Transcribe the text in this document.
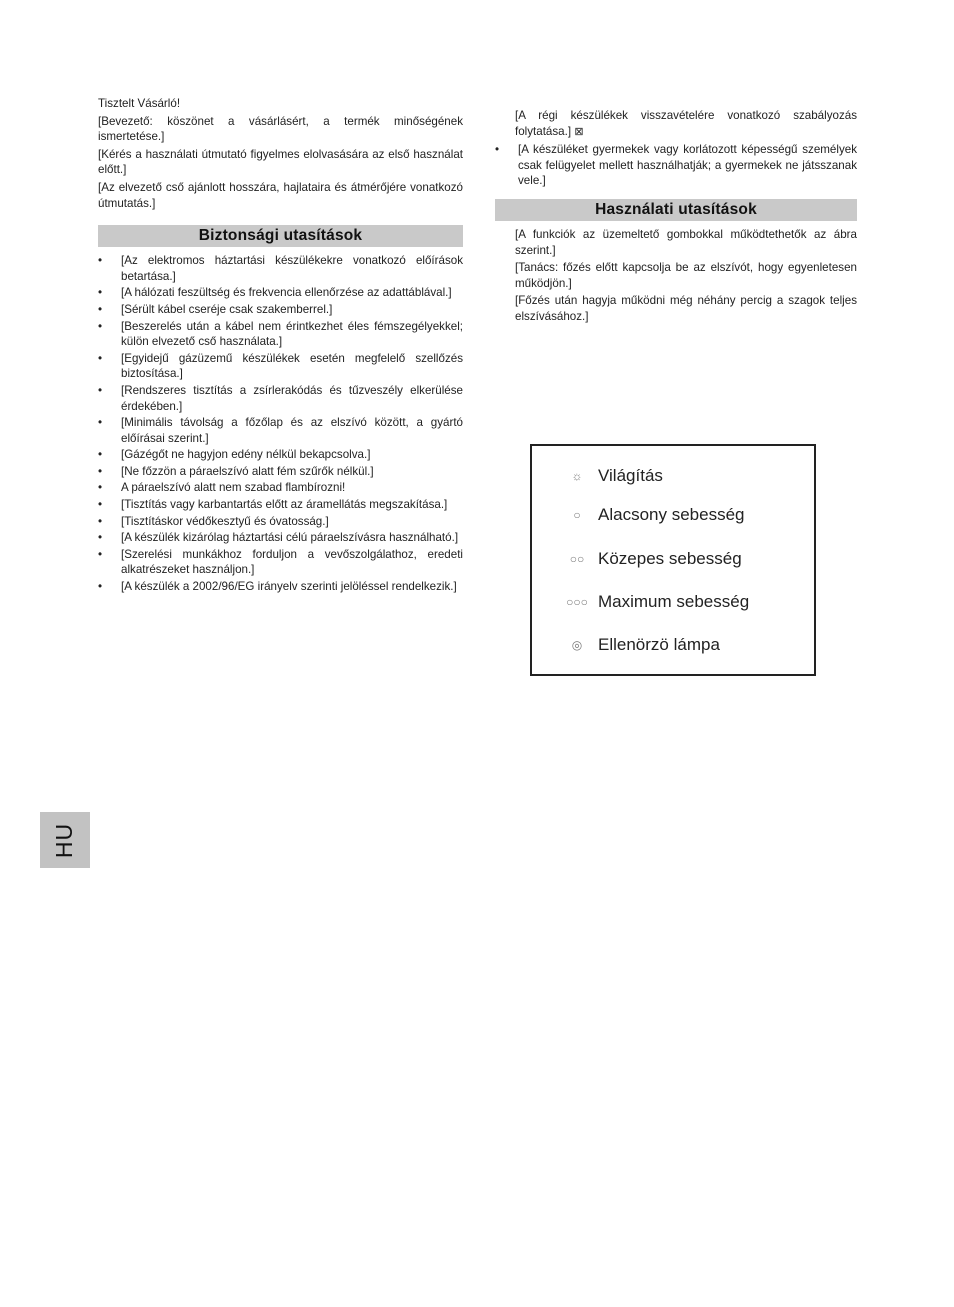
Tisztelt Vásárló!

[Bevezető: köszönet a vásárlásért, a termék minőségének ismertetése.]

[Kérés a használati útmutató figyelmes elolvasására az első használat előtt.]

[Az elvezető cső ajánlott hosszára, hajlataira és átmérőjére vonatkozó útmutatás.]

Biztonsági utasítások
• [Az elektromos háztartási készülékekre vonatkozó előírások betartása.]
• [A hálózati feszültség és frekvencia ellenőrzése az adattáblával.]
• [Sérült kábel cseréje csak szakemberrel.]
• [Beszerelés után a kábel nem érintkezhet éles fémszegélyekkel; külön elvezető cső használata.]
• [Egyidejű gázüzemű készülékek esetén megfelelő szellőzés biztosítása.]
• [Rendszeres tisztítás a zsírlerakódás és tűzveszély elkerülése érdekében.]
• [Minimális távolság a főzőlap és az elszívó között, a gyártó előírásai szerint.]
• [Gázégőt ne hagyjon edény nélkül bekapcsolva.]
• [Ne főzzön a páraelszívó alatt fém szűrők nélkül.]
• A páraelszívó alatt nem szabad flambírozni!
• [Tisztítás vagy karbantartás előtt az áramellátás megszakítása.]
• [Tisztításkor védőkesztyű és óvatosság.]
• [A készülék kizárólag háztartási célú páraelszívásra használható.]
• [Szerelési munkákhoz forduljon a vevőszolgálathoz, eredeti alkatrészeket használjon.]
• [A készülék a 2002/96/EG irányelv szerinti jelöléssel rendelkezik.]
HU

[A régi készülékek visszavételére vonatkozó szabályozás folytatása.] ⊠

• [A készüléket gyermekek vagy korlátozott képességű személyek csak felügyelet mellett használhatják; a gyermekek ne játsszanak vele.]
Használati utasítások

[A funkciók az üzemeltető gombokkal működtethetők az ábra szerint.]

[Tanács: főzés előtt kapcsolja be az elszívót, hogy egyenletesen működjön.]

[Főzés után hagyja működni még néhány percig a szagok teljes elszívásához.]

☼ Világítás
○	Alacsony sebesség
○○ Közepes sebesség
○○○ Maximum sebesség
◎ Ellenörzö lámpa
